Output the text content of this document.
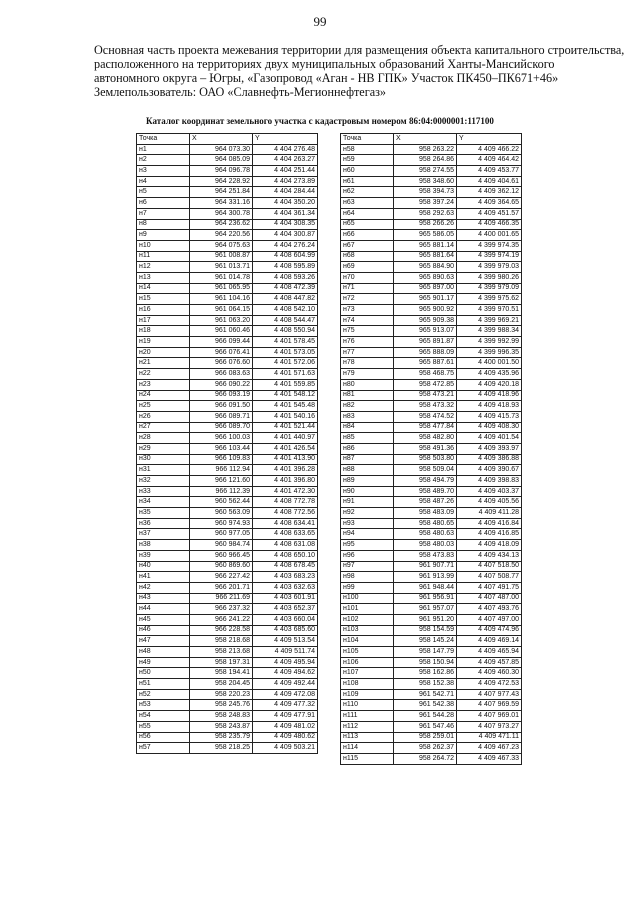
99
Основная часть проекта межевания территории для размещения объекта капитального строительства,
расположенного на территориях двух муниципальных образований Ханты-Мансийского
автономного округа – Югры, «Газопровод «Аган - НВ ГПК» Участок ПК450–ПК671+46»
Землепользователь: ОАО «Славнефть-Мегионнефтегаз»
Каталог координат земельного участка с кадастровым номером 86:04:0000001:117100
Точка	X	Y
н1	964 073.30	4 404 276.48
н2	964 085.09	4 404 263.27
н3	964 096.78	4 404 251.44
н4	964 228.92	4 404 273.89
н5	964 251.84	4 404 284.44
н6	964 331.16	4 404 350.20
н7	964 300.78	4 404 361.34
н8	964 236.62	4 404 308.35
н9	964 220.56	4 404 300.87
н10	964 075.63	4 404 276.24
н11	961 008.87	4 408 604.99
н12	961 013.71	4 408 595.89
н13	961 014.78	4 408 593.26
н14	961 065.95	4 408 472.39
н15	961 104.16	4 408 447.82
н16	961 064.15	4 408 542.10
н17	961 063.20	4 408 544.47
н18	961 060.46	4 408 550.94
н19	966 099.44	4 401 578.45
н20	966 076.41	4 401 573.05
н21	966 076.60	4 401 572.06
н22	966 083.63	4 401 571.63
н23	966 090.22	4 401 559.85
н24	966 093.19	4 401 548.12
н25	966 091.50	4 401 545.48
н26	966 089.71	4 401 540.16
н27	966 089.70	4 401 521.44
н28	966 100.03	4 401 440.97
н29	966 103.44	4 401 426.54
н30	966 109.83	4 401 413.90
н31	966 112.94	4 401 396.28
н32	966 121.60	4 401 396.80
н33	966 112.39	4 401 472.30
н34	960 562.44	4 408 772.78
н35	960 563.09	4 408 772.56
н36	960 974.93	4 408 634.41
н37	960 977.05	4 408 633.65
н38	960 984.74	4 408 631.08
н39	960 966.45	4 408 650.10
н40	960 869.60	4 408 678.45
н41	966 227.42	4 403 683.23
н42	966 201.71	4 403 632.63
н43	966 211.69	4 403 601.91
н44	966 237.32	4 403 652.37
н45	966 241.22	4 403 660.04
н46	966 228.58	4 403 685.60
н47	958 218.68	4 409 513.54
н48	958 213.68	4 409 511.74
н49	958 197.31	4 409 495.94
н50	958 194.41	4 409 494.62
н51	958 204.45	4 409 492.44
н52	958 220.23	4 409 472.08
н53	958 245.76	4 409 477.32
н54	958 248.83	4 409 477.91
н55	958 243.87	4 409 481.02
н56	958 235.79	4 409 480.62
н57	958 218.25	4 409 503.21
Точка	X	Y
н58	958 263.22	4 409 466.22
н59	958 264.86	4 409 464.42
н60	958 274.55	4 409 453.77
н61	958 348.60	4 409 404.61
н62	958 394.73	4 409 362.12
н63	958 397.24	4 409 364.65
н64	958 292.63	4 409 451.57
н65	958 266.26	4 409 466.35
н66	965 586.05	4 400 001.65
н67	965 881.14	4 399 974.35
н68	965 881.64	4 399 974.19
н69	965 884.90	4 399 979.03
н70	965 890.63	4 399 980.26
н71	965 897.00	4 399 979.09
н72	965 901.17	4 399 975.62
н73	965 900.92	4 399 970.51
н74	965 909.38	4 399 969.21
н75	965 913.07	4 399 988.34
н76	965 891.87	4 399 992.99
н77	965 888.09	4 399 996.35
н78	965 887.61	4 400 001.50
н79	958 468.75	4 409 435.96
н80	958 472.85	4 409 420.18
н81	958 473.21	4 409 418.96
н82	958 473.32	4 409 418.93
н83	958 474.52	4 409 415.73
н84	958 477.84	4 409 408.30
н85	958 482.80	4 409 401.54
н86	958 491.36	4 409 393.97
н87	958 503.80	4 409 386.88
н88	958 509.04	4 409 390.67
н89	958 494.79	4 409 398.83
н90	958 489.70	4 409 403.37
н91	958 487.26	4 409 405.56
н92	958 483.09	4 409 411.28
н93	958 480.65	4 409 416.84
н94	958 480.63	4 409 416.85
н95	958 480.03	4 409 418.09
н96	958 473.83	4 409 434.13
н97	961 907.71	4 407 518.50
н98	961 913.99	4 407 508.77
н99	961 948.44	4 407 491.75
н100	961 956.91	4 407 487.00
н101	961 957.07	4 407 493.76
н102	961 951.20	4 407 497.00
н103	958 154.59	4 409 474.96
н104	958 145.24	4 409 469.14
н105	958 147.79	4 409 465.94
н106	958 150.94	4 409 457.85
н107	958 162.86	4 409 460.30
н108	958 152.38	4 409 472.53
н109	961 542.71	4 407 977.43
н110	961 542.38	4 407 969.59
н111	961 544.28	4 407 969.01
н112	961 547.46	4 407 973.27
н113	958 259.01	4 409 471.11
н114	958 262.37	4 409 467.23
н115	958 264.72	4 409 467.33
